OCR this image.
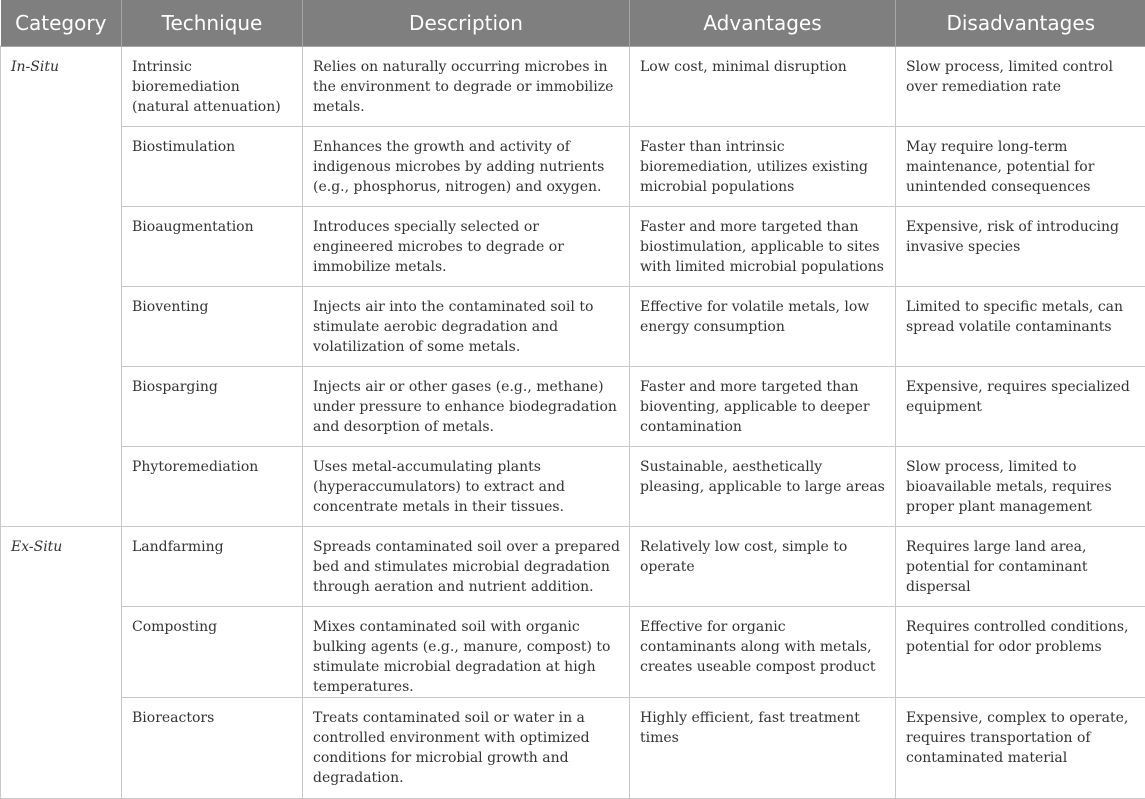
Category	Technique	Description	Advantages	Disadvantages
In-Situ	Intrinsic bioremediation (natural attenuation)	Relies on naturally occurring microbes in the environment to degrade or immobilize metals.	Low cost, minimal disruption	Slow process, limited control over remediation rate
	Biostimulation	Enhances the growth and activity of indigenous microbes by adding nutrients (e.g., phosphorus, nitrogen) and oxygen.	Faster than intrinsic bioremediation, utilizes existing microbial populations	May require long-term maintenance, potential for unintended consequences
	Bioaugmentation	Introduces specially selected or engineered microbes to degrade or immobilize metals.	Faster and more targeted than biostimulation, applicable to sites with limited microbial populations	Expensive, risk of introducing invasive species
	Bioventing	Injects air into the contaminated soil to stimulate aerobic degradation and volatilization of some metals.	Effective for volatile metals, low energy consumption	Limited to specific metals, can spread volatile contaminants
	Biosparging	Injects air or other gases (e.g., methane) under pressure to enhance biodegradation and desorption of metals.	Faster and more targeted than bioventing, applicable to deeper contamination	Expensive, requires specialized equipment
	Phytoremediation	Uses metal-accumulating plants (hyperaccumulators) to extract and concentrate metals in their tissues.	Sustainable, aesthetically pleasing, applicable to large areas	Slow process, limited to bioavailable metals, requires proper plant management
Ex-Situ	Landfarming	Spreads contaminated soil over a prepared bed and stimulates microbial degradation through aeration and nutrient addition.	Relatively low cost, simple to operate	Requires large land area, potential for contaminant dispersal
	Composting	Mixes contaminated soil with organic bulking agents (e.g., manure, compost) to stimulate microbial degradation at high temperatures.	Effective for organic contaminants along with metals, creates useable compost product	Requires controlled conditions, potential for odor problems
	Bioreactors	Treats contaminated soil or water in a controlled environment with optimized conditions for microbial growth and degradation.	Highly efficient, fast treatment times	Expensive, complex to operate, requires transportation of contaminated material
